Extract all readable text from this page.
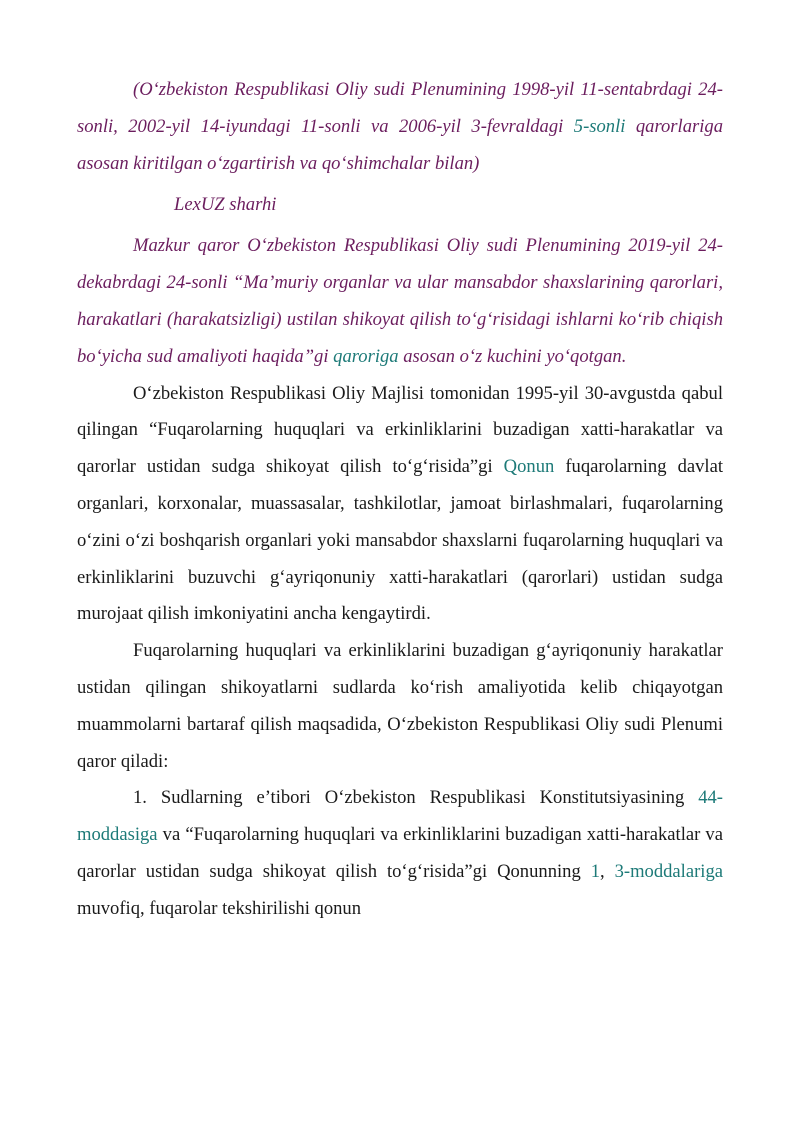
(O‘zbekiston Respublikasi Oliy sudi Plenumining 1998-yil 11-sentabrdagi 24-sonli, 2002-yil 14-iyundagi 11-sonli va 2006-yil 3-fevraldagi 5-sonli qarorlariga asosan kiritilgan o‘zgartirish va qo‘shimchalar bilan)

LexUZ sharhi

Mazkur qaror O‘zbekiston Respublikasi Oliy sudi Plenumining 2019-yil 24-dekabrdagi 24-sonli “Ma’muriy organlar va ular mansabdor shaxslarining qarorlari, harakatlari (harakatsizligi) ustilan shikoyat qilish to‘g‘risidagi ishlarni ko‘rib chiqish bo‘yicha sud amaliyoti haqida”gi qaroriga asosan o‘z kuchini yo‘qotgan.

O‘zbekiston Respublikasi Oliy Majlisi tomonidan 1995-yil 30-avgustda qabul qilingan “Fuqarolarning huquqlari va erkinliklarini buzadigan xatti-harakatlar va qarorlar ustidan sudga shikoyat qilish to‘g‘risida”gi Qonun fuqarolarning davlat organlari, korxonalar, muassasalar, tashkilotlar, jamoat birlashmalari, fuqarolarning o‘zini o‘zi boshqarish organlari yoki mansabdor shaxslarni fuqarolarning huquqlari va erkinliklarini buzuvchi g‘ayriqonuniy xatti-harakatlari (qarorlari) ustidan sudga murojaat qilish imkoniyatini ancha kengaytirdi.

Fuqarolarning huquqlari va erkinliklarini buzadigan g‘ayriqonuniy harakatlar ustidan qilingan shikoyatlarni sudlarda ko‘rish amaliyotida kelib chiqayotgan muammolarni bartaraf qilish maqsadida, O‘zbekiston Respublikasi Oliy sudi Plenumi qaror qiladi:

1. Sudlarning e’tibori O‘zbekiston Respublikasi Konstitutsiyasining 44-moddasiga va “Fuqarolarning huquqlari va erkinliklarini buzadigan xatti-harakatlar va qarorlar ustidan sudga shikoyat qilish to‘g‘risida”gi Qonunning 1, 3-moddalariga muvofiq, fuqarolar tekshirilishi qonun
